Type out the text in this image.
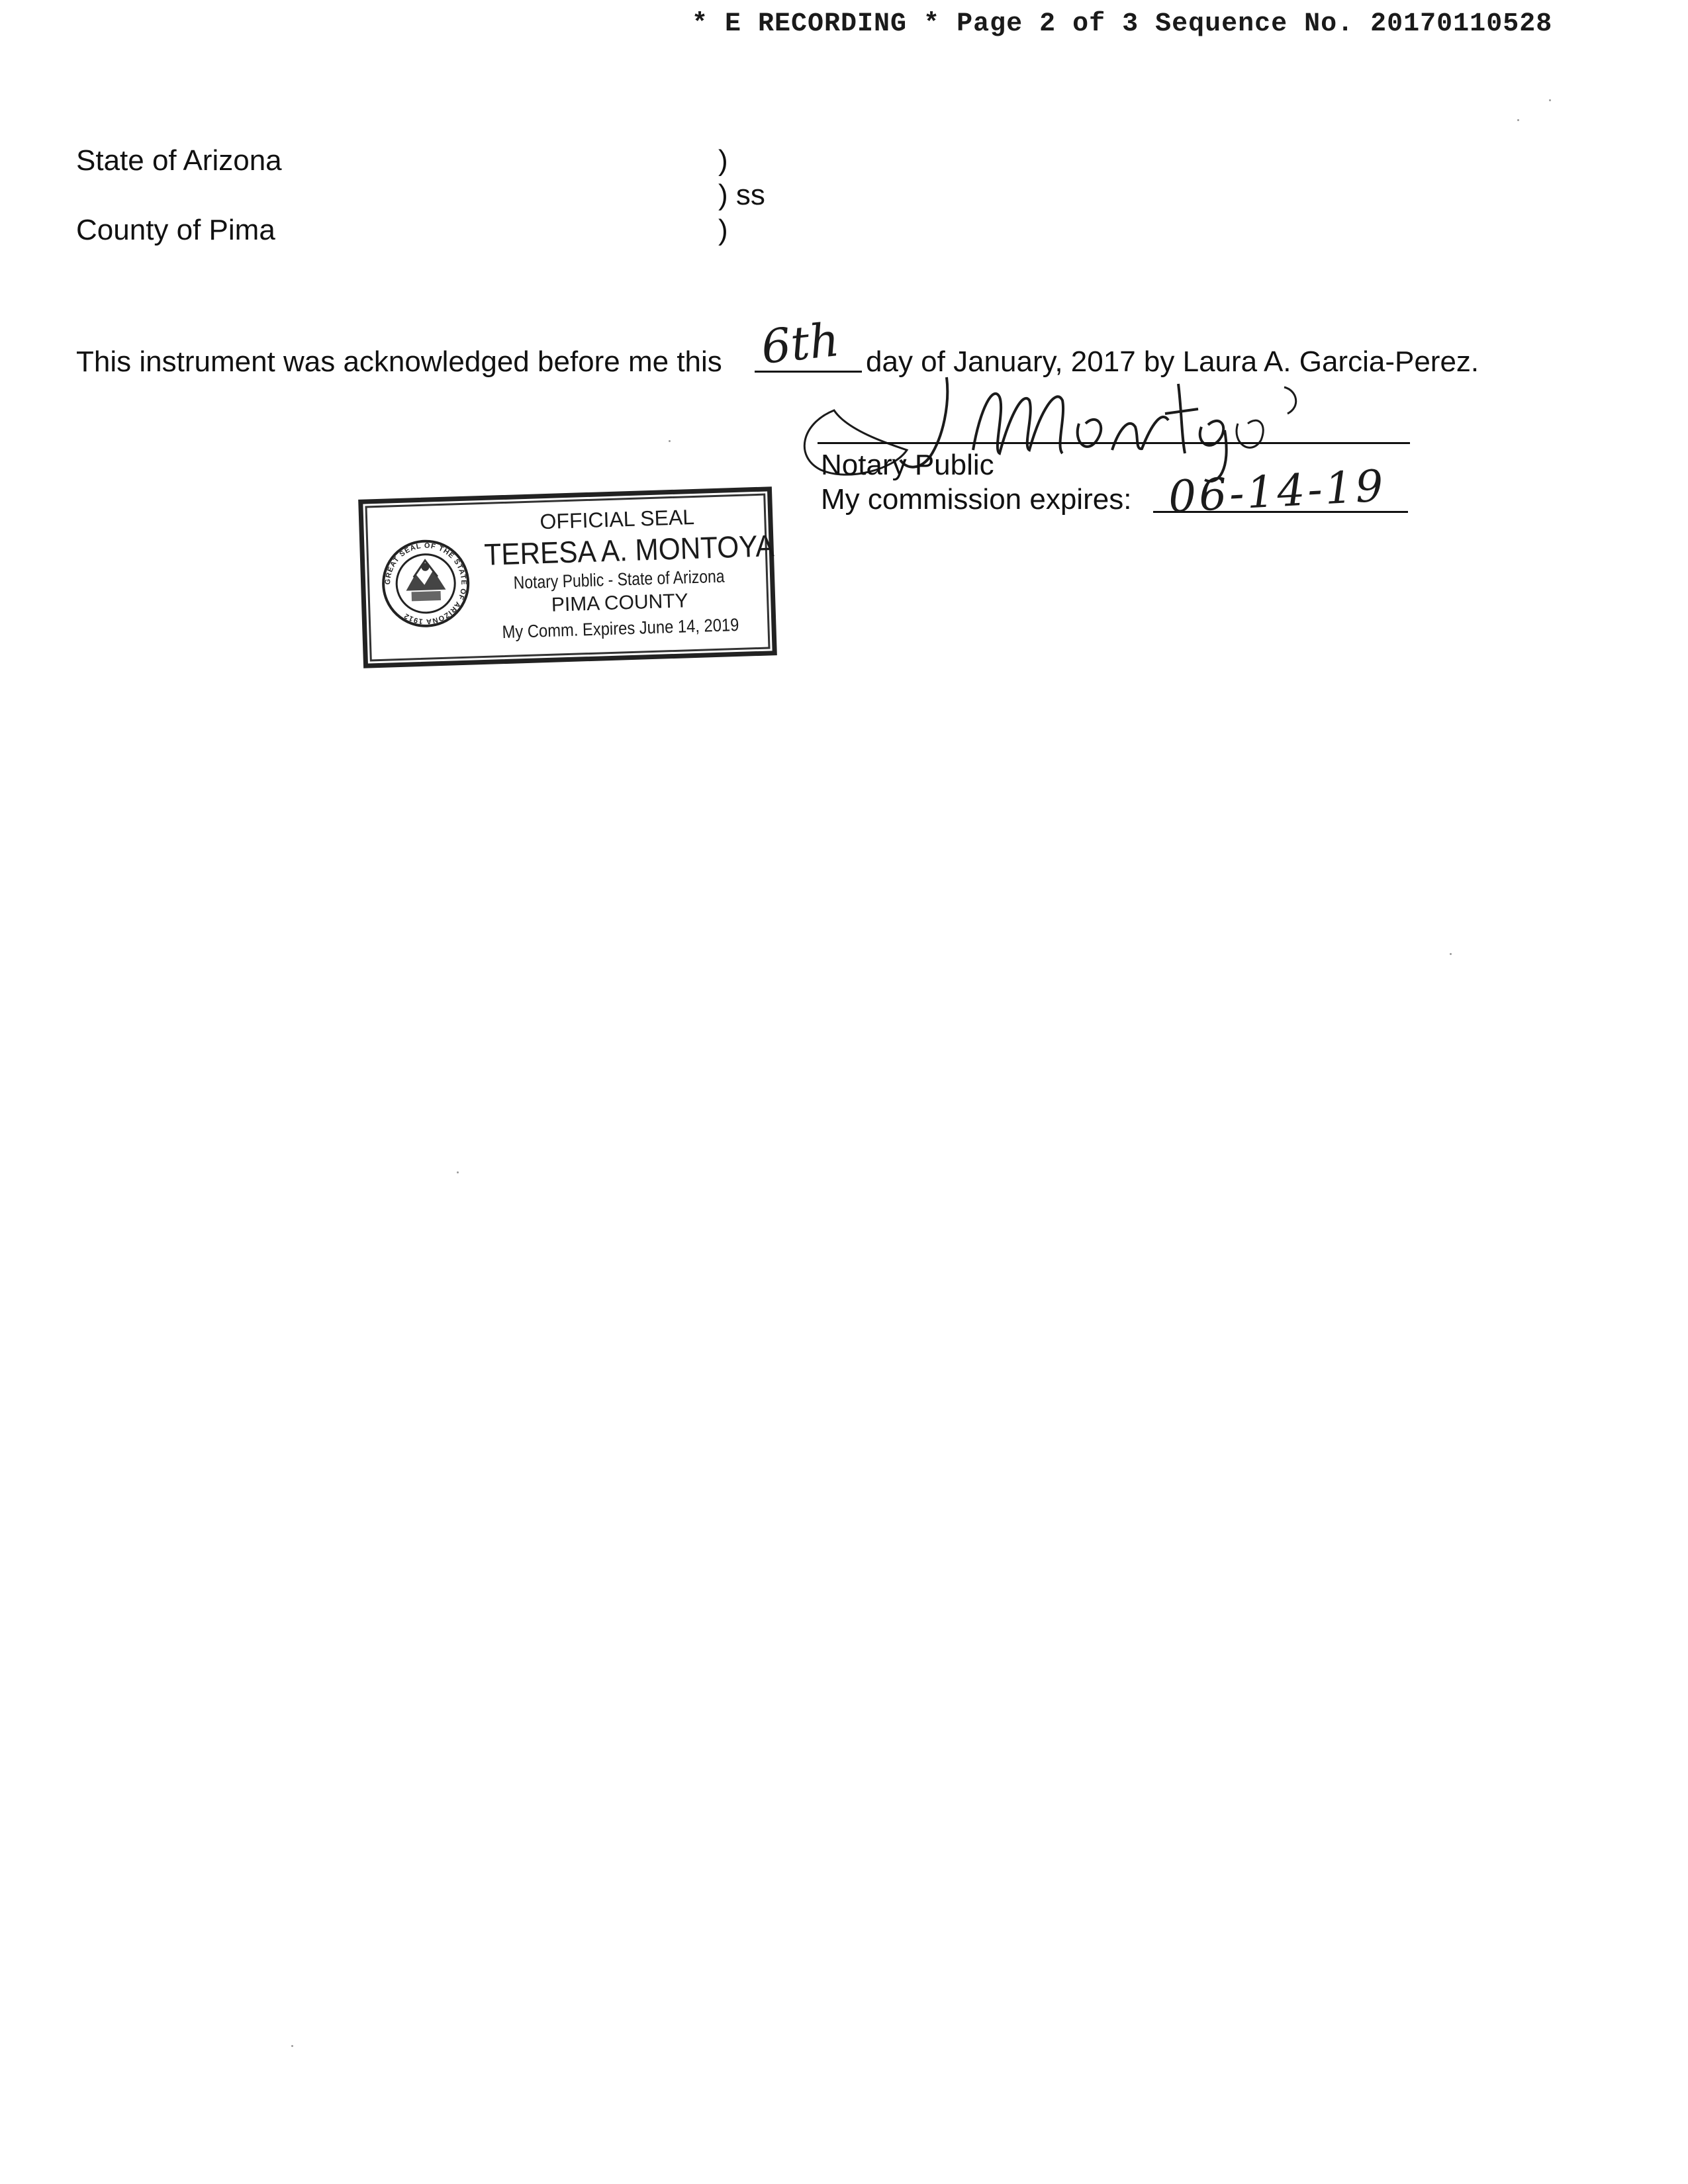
* E RECORDING * Page 2 of 3 Sequence No. 20170110528
State of Arizona
County of Pima
)
) ss
)
This instrument was acknowledged before me this 6th day of January, 2017 by Laura A. Garcia-Perez.
Notary Public
My commission expires: 06-14-19
GREAT SEAL OF THE STATE OF ARIZONA 1912
OFFICIAL SEAL
TERESA A. MONTOYA
Notary Public - State of Arizona
PIMA COUNTY
My Comm. Expires June 14, 2019
